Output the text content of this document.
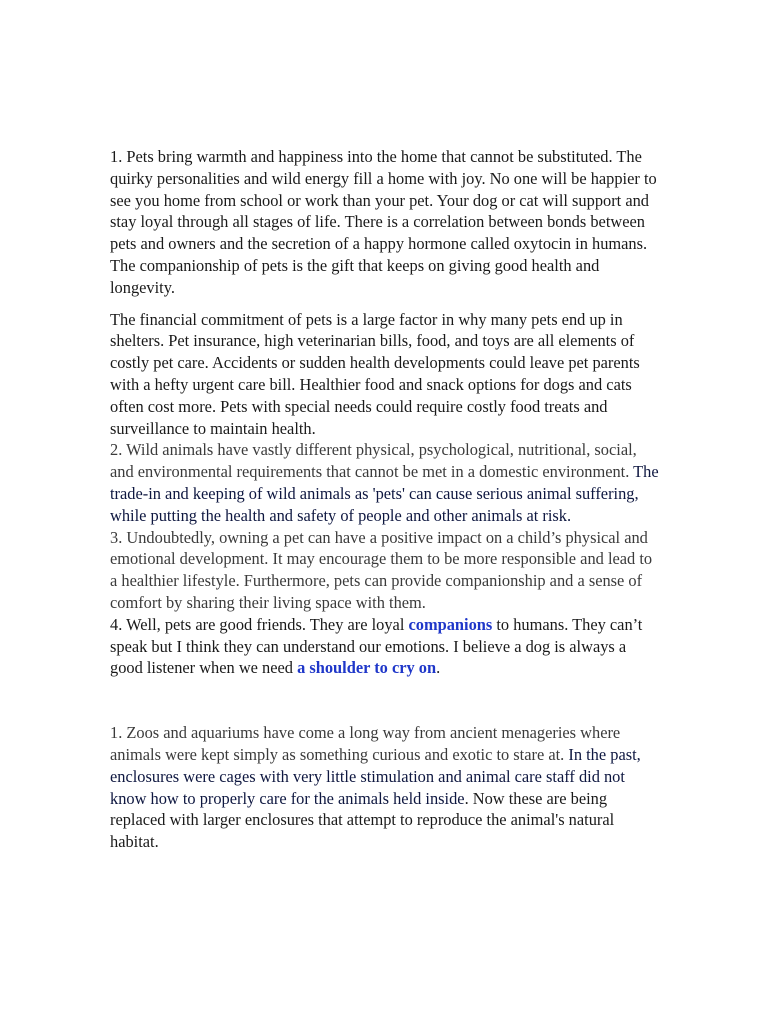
1. Pets bring warmth and happiness into the home that cannot be substituted. The quirky personalities and wild energy fill a home with joy. No one will be happier to see you home from school or work than your pet. Your dog or cat will support and stay loyal through all stages of life. There is a correlation between bonds between pets and owners and the secretion of a happy hormone called oxytocin in humans. The companionship of pets is the gift that keeps on giving good health and longevity.

The financial commitment of pets is a large factor in why many pets end up in shelters. Pet insurance, high veterinarian bills, food, and toys are all elements of costly pet care. Accidents or sudden health developments could leave pet parents with a hefty urgent care bill. Healthier food and snack options for dogs and cats often cost more. Pets with special needs could require costly food treats and surveillance to maintain health.

2. Wild animals have vastly different physical, psychological, nutritional, social, and environmental requirements that cannot be met in a domestic environment. The trade-in and keeping of wild animals as 'pets' can cause serious animal suffering, while putting the health and safety of people and other animals at risk.

3. Undoubtedly, owning a pet can have a positive impact on a child’s physical and emotional development. It may encourage them to be more responsible and lead to a healthier lifestyle. Furthermore, pets can provide companionship and a sense of comfort by sharing their living space with them.

4. Well, pets are good friends. They are loyal companions to humans. They can’t speak but I think they can understand our emotions. I believe a dog is always a good listener when we need a shoulder to cry on.

1. Zoos and aquariums have come a long way from ancient menageries where animals were kept simply as something curious and exotic to stare at. In the past, enclosures were cages with very little stimulation and animal care staff did not know how to properly care for the animals held inside. Now these are being replaced with larger enclosures that attempt to reproduce the animal's natural habitat.
